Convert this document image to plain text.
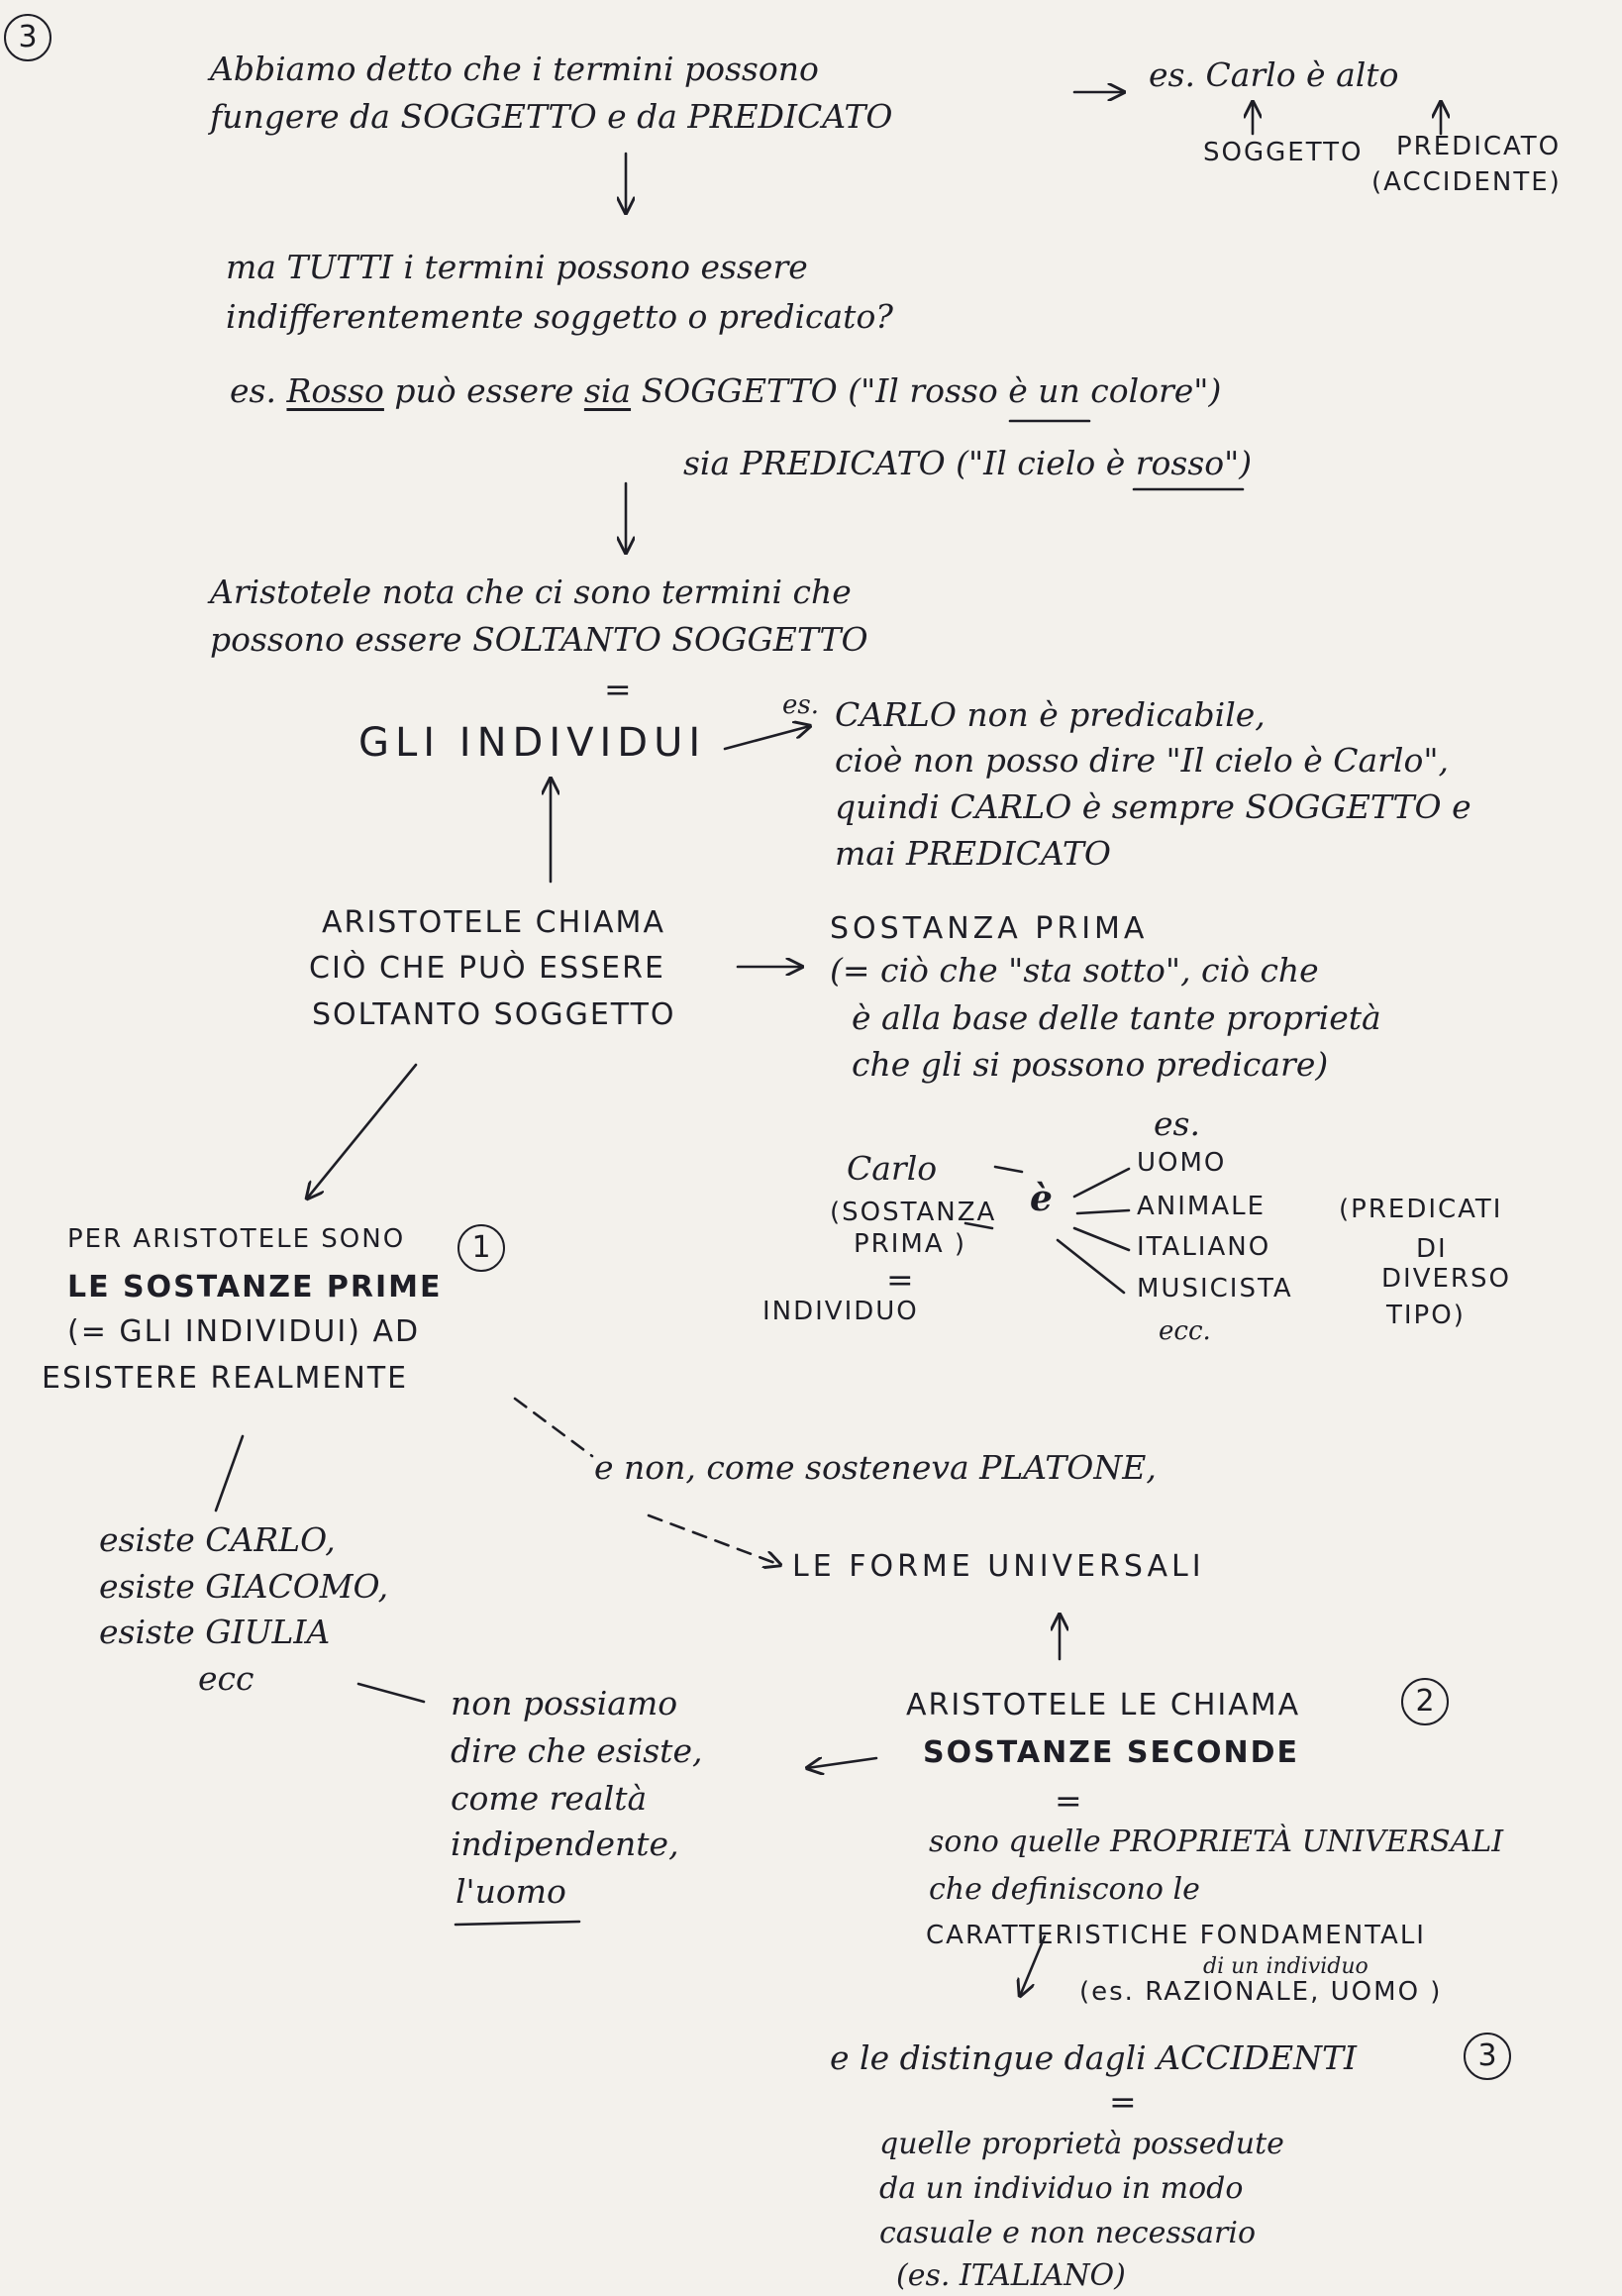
3
Abbiamo detto che i termini possono
fungere da SOGGETTO e da PREDICATO
es. Carlo è alto
SOGGETTO PREDICATO
(ACCIDENTE)
ma TUTTI i termini possono essere
indifferentemente soggetto o predicato?
es. Rosso può essere sia SOGGETTO ("Il rosso è un colore")
sia PREDICATO ("Il cielo è rosso")
Aristotele nota che ci sono termini che
possono essere SOLTANTO SOGGETTO
=
GLI INDIVIDUI
es. CARLO non è predicabile,
cioè non posso dire "Il cielo è Carlo",
quindi CARLO è sempre SOGGETTO e
mai PREDICATO
ARISTOTELE CHIAMA
CIÒ CHE PUÒ ESSERE
SOLTANTO SOGGETTO
SOSTANZA PRIMA
(= ciò che "sta sotto", ciò che
è alla base delle tante proprietà
che gli si possono predicare)
es.
Carlo
è
(SOSTANZA
PRIMA )
=
INDIVIDUO
UOMO
ANIMALE
ITALIANO
MUSICISTA
ecc.
(PREDICATI
DI
DIVERSO
TIPO)
PER ARISTOTELE SONO	1
LE SOSTANZE PRIME
(= GLI INDIVIDUI) AD
ESISTERE REALMENTE
esiste CARLO,
esiste GIACOMO,
esiste GIULIA
ecc
e non, come sosteneva PLATONE,
LE FORME UNIVERSALI
ARISTOTELE LE CHIAMA	2
SOSTANZE SECONDE
=
sono quelle PROPRIETÀ UNIVERSALI
che definiscono le
CARATTERISTICHE FONDAMENTALI
di un individuo
(es. RAZIONALE, UOMO )
non possiamo
dire che esiste,
come realtà
indipendente,
l'uomo
e le distingue dagli ACCIDENTI	3
=
quelle proprietà possedute
da un individuo in modo
casuale e non necessario
(es. ITALIANO)
